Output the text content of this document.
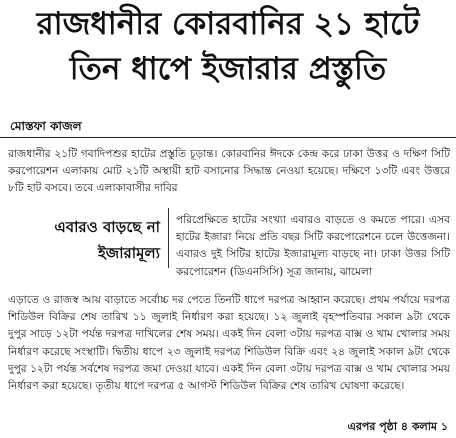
রাজধানীর কোরবানির ২১ হাটে
তিন ধাপে ইজারার প্রস্তুতি
মোস্তফা কাজল
রাজধানীর ২১টি গবাদিপশুর হাটের প্রস্তুতি চূড়ান্ত। কোরবানির ঈদকে কেন্দ্র করে ঢাকা উত্তর ও দক্ষিণ সিটি করপোরেশন এলাকায় মোট ২১টি অস্থায়ী হাট বসানোর সিদ্ধান্ত নেওয়া হয়েছে। দক্ষিণে ১৩টি এবং উত্তরে ৮টি হাট বসবে। তবে এলাকাবাসীর দাবির
এবারও বাড়ছে না
ইজারামূল্য
পরিপ্রেক্ষিতে হাটের সংখ্যা এবারও বাড়তে ও কমতে পারে। এসব হাটের ইজারা নিয়ে প্রতি বছর সিটি করপোরেশনে চলে উত্তেজনা। এবারও দুই সিটির হাটের ইজারামূল্য বাড়ছে না। ঢাকা উত্তর সিটি করপোরেশন (ডিএনসিসি) সূত্র জানায়, ঝামেলা
এড়াতে ও রাজস্ব আয় বাড়াতে সর্বোচ্চ দর পেতে তিনটি ধাপে দরপত্র আহ্বান করেছে। প্রথম পর্যায়ে দরপত্র শিডিউল বিক্রির শেষ তারিখ ১১ জুলাই নির্ধারণ করা হয়েছে। ১২ জুলাই বৃহস্পতিবার সকাল ৯টা থেকে দুপুর সাড়ে ১২টা পর্যন্ত দরপত্র দাখিলের শেষ সময়। একই দিন বেলা ৩টায় দরপত্র বাক্স ও খাম খোলার সময় নির্ধারণ করেছে সংস্থাটি। দ্বিতীয় ধাপে ২৩ জুলাই দরপত্র শিডিউল বিক্রি এবং ২৪ জুলাই সকাল ৯টা থেকে দুপুর ১২টা পর্যন্ত সর্বশেষ দরপত্র জমা দেওয়া যাবে। একই দিন বেলা ৩টায় দরপত্র বাক্স ও খাম খোলার সময় নির্ধারণ করা হয়েছে। তৃতীয় ধাপে দরপত্র ৫ আগস্ট শিডিউল বিক্রির শেষ তারিখ ঘোষণা করেছে।
এরপর পৃষ্ঠা ৪ কলাম ১
